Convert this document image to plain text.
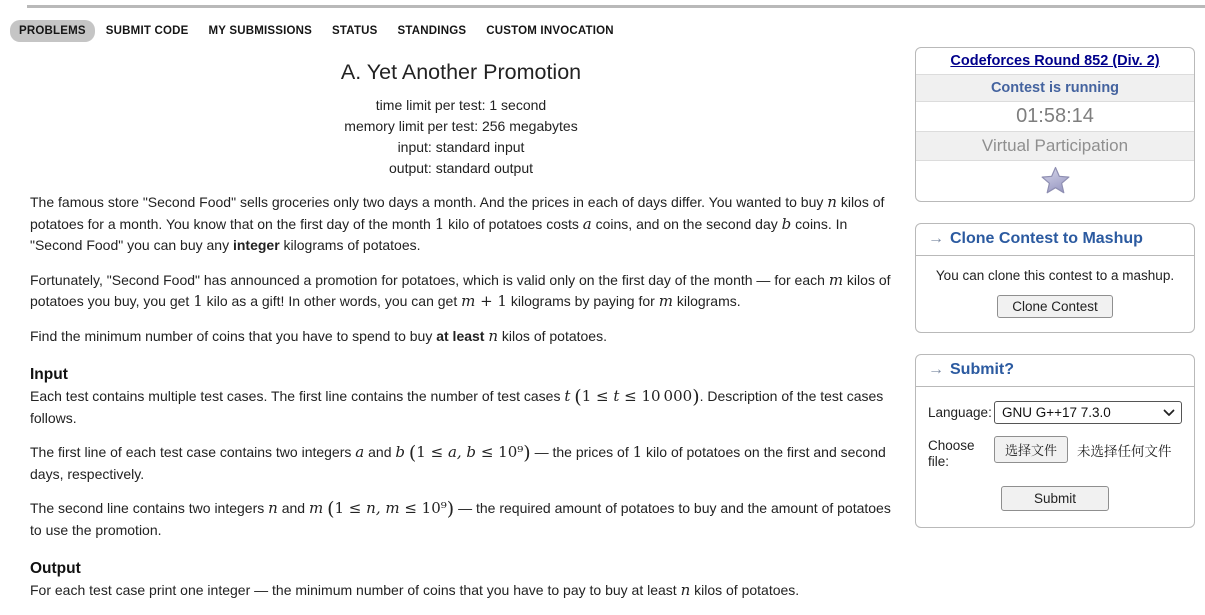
PROBLEMS	SUBMIT CODE	MY SUBMISSIONS	STATUS	STANDINGS	CUSTOM INVOCATION
A. Yet Another Promotion
time limit per test: 1 second
memory limit per test: 256 megabytes
input: standard input
output: standard output

The famous store "Second Food" sells groceries only two days a month. And the prices in each of days differ. You wanted to buy n kilos of potatoes for a month. You know that on the first day of the month 1 kilo of potatoes costs a coins, and on the second day b coins. In "Second Food" you can buy any integer kilograms of potatoes.

Fortunately, "Second Food" has announced a promotion for potatoes, which is valid only on the first day of the month — for each m kilos of potatoes you buy, you get 1 kilo as a gift! In other words, you can get m + 1 kilograms by paying for m kilograms.

Find the minimum number of coins that you have to spend to buy at least n kilos of potatoes.

Input

Each test contains multiple test cases. The first line contains the number of test cases t (1 ≤ t ≤ 10 000). Description of the test cases follows.

The first line of each test case contains two integers a and b (1 ≤ a, b ≤ 10⁹) — the prices of 1 kilo of potatoes on the first and second days, respectively.

The second line contains two integers n and m (1 ≤ n, m ≤ 10⁹) — the required amount of potatoes to buy and the amount of potatoes to use the promotion.

Output

For each test case print one integer — the minimum number of coins that you have to pay to buy at least n kilos of potatoes.

Codeforces Round 852 (Div. 2)
Contest is running
01:58:14
Virtual Participation
→ Clone Contest to Mashup
You can clone this contest to a mashup.
Clone Contest
→ Submit?
Language:
GNU G++17 7.3.0
Choose file:
选择文件	未选择任何文件
Submit
